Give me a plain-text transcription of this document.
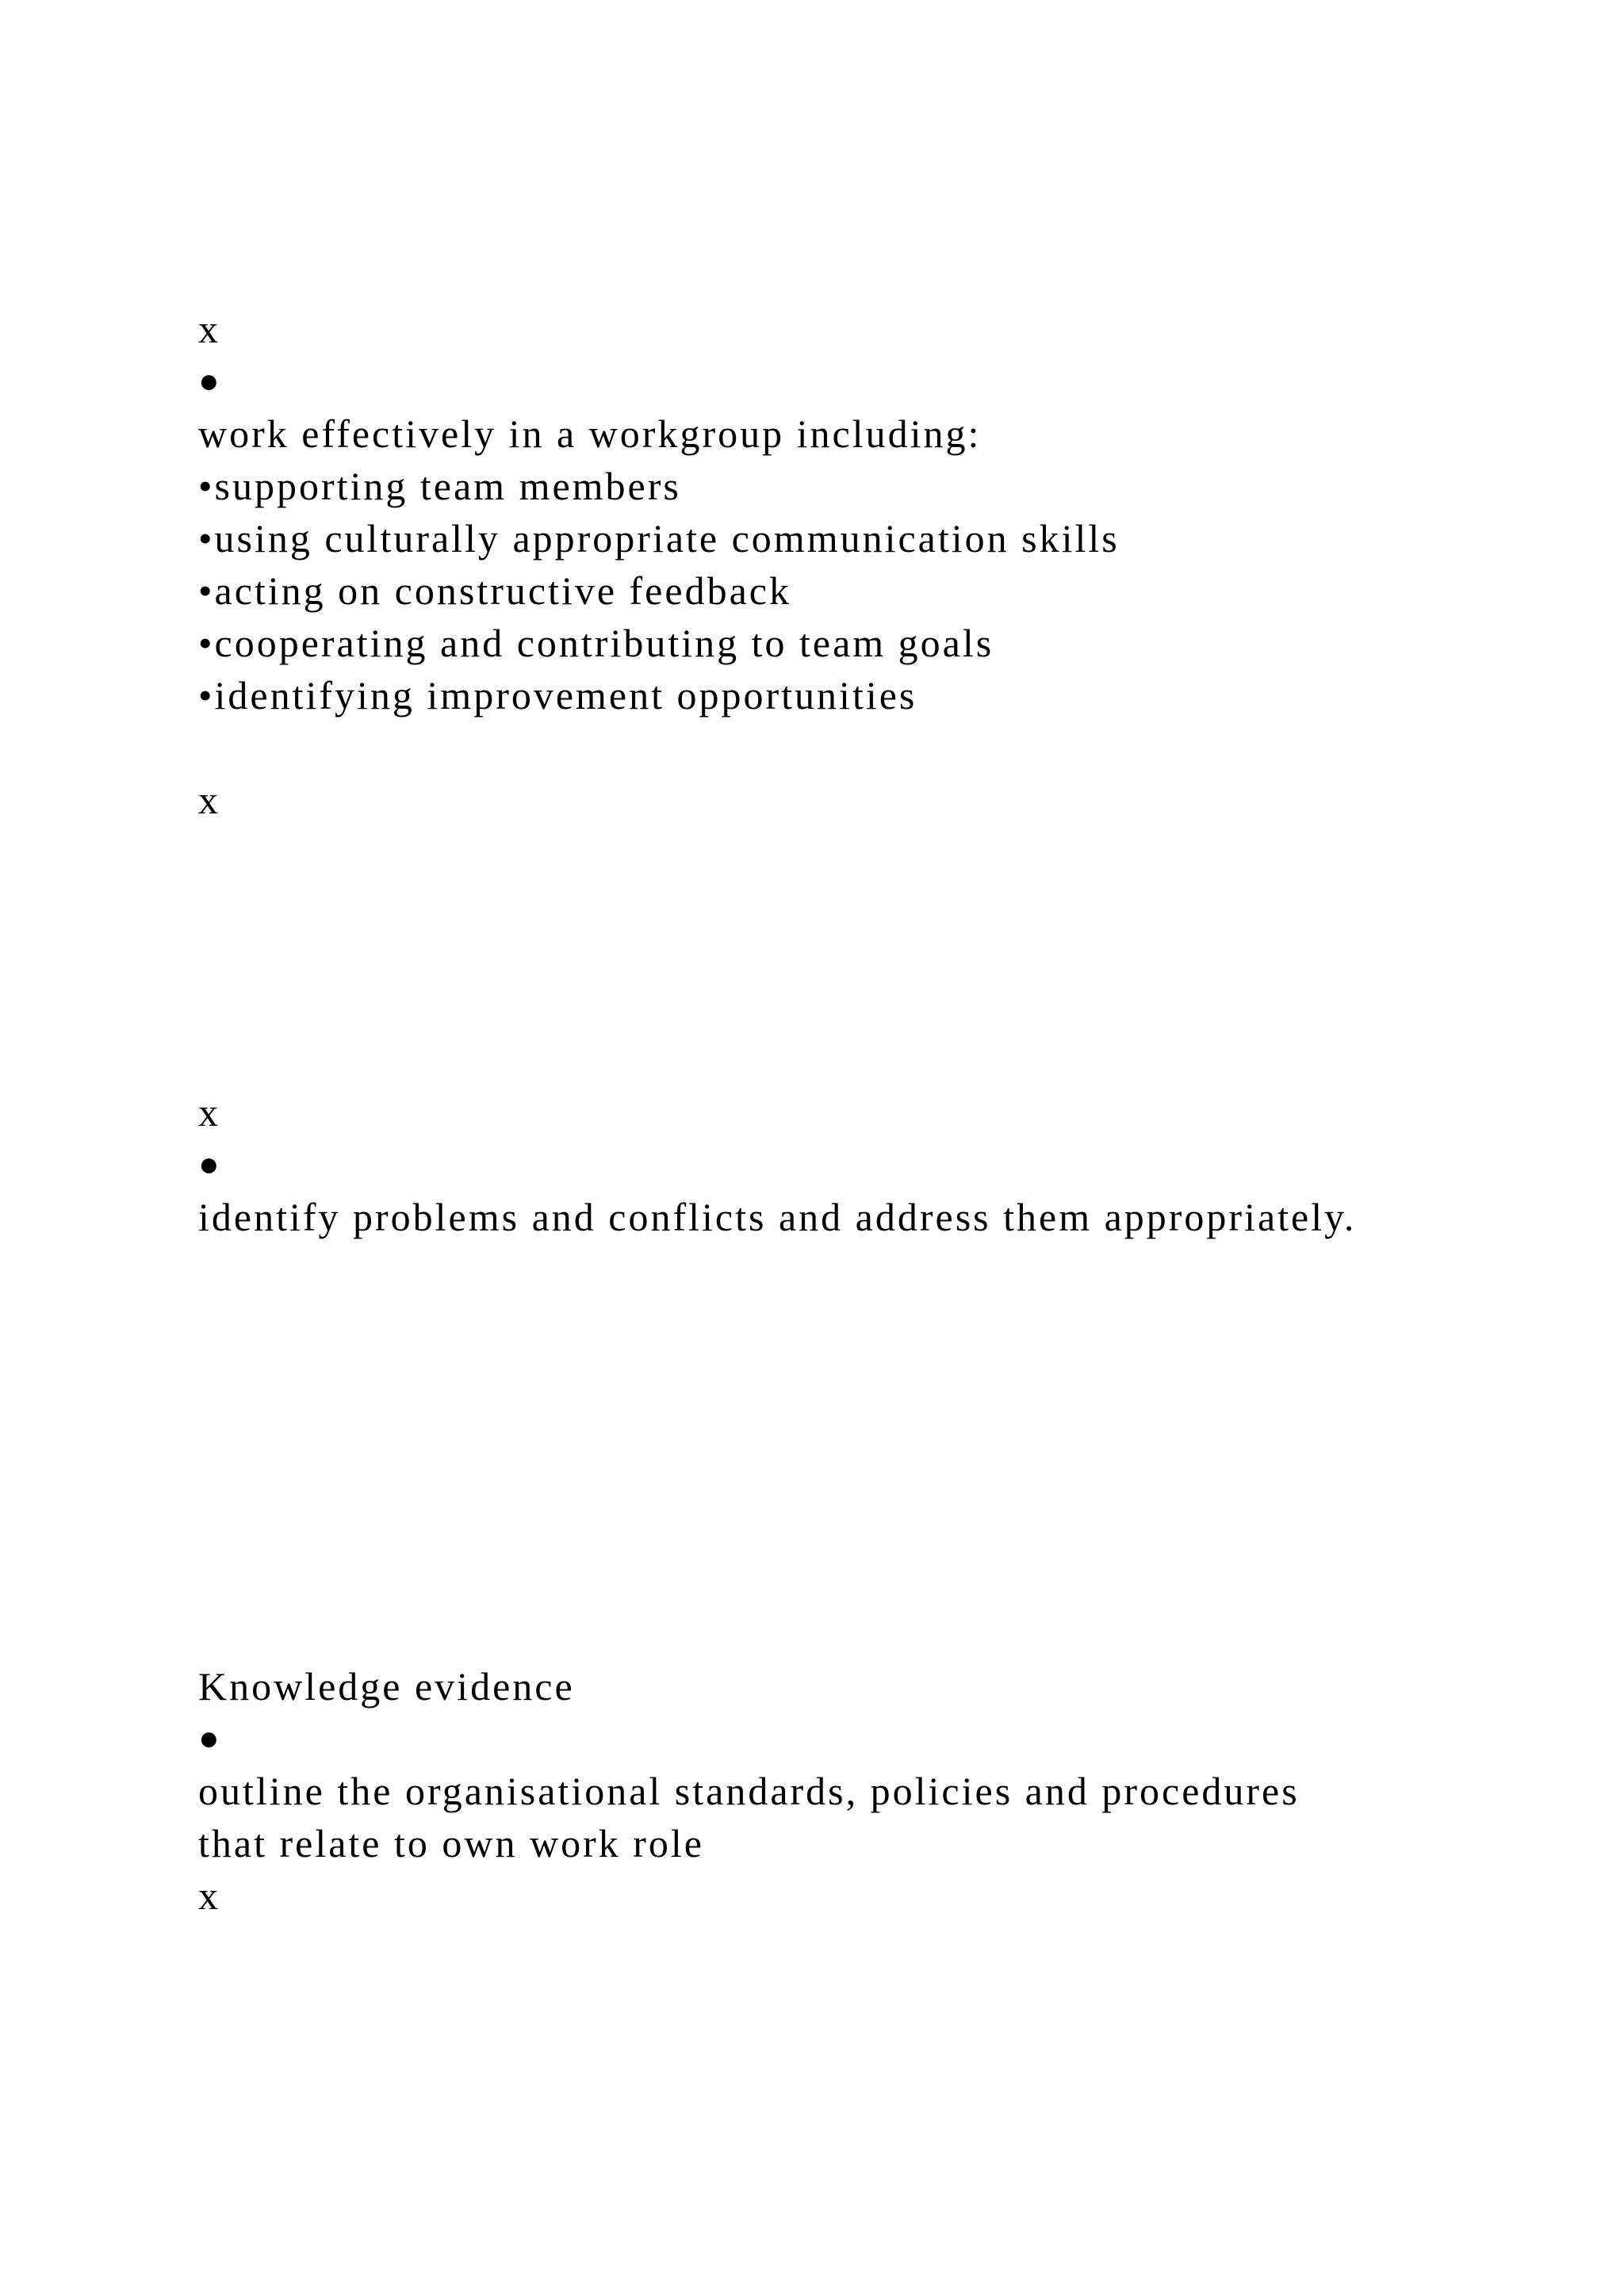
x
●
work effectively in a workgroup including:
•supporting team members
•using culturally appropriate communication skills
•acting on constructive feedback
•cooperating and contributing to team goals
•identifying improvement opportunities
x
x
●
identify problems and conflicts and address them appropriately.
Knowledge evidence
●
outline the organisational standards, policies and procedures
that relate to own work role
x
